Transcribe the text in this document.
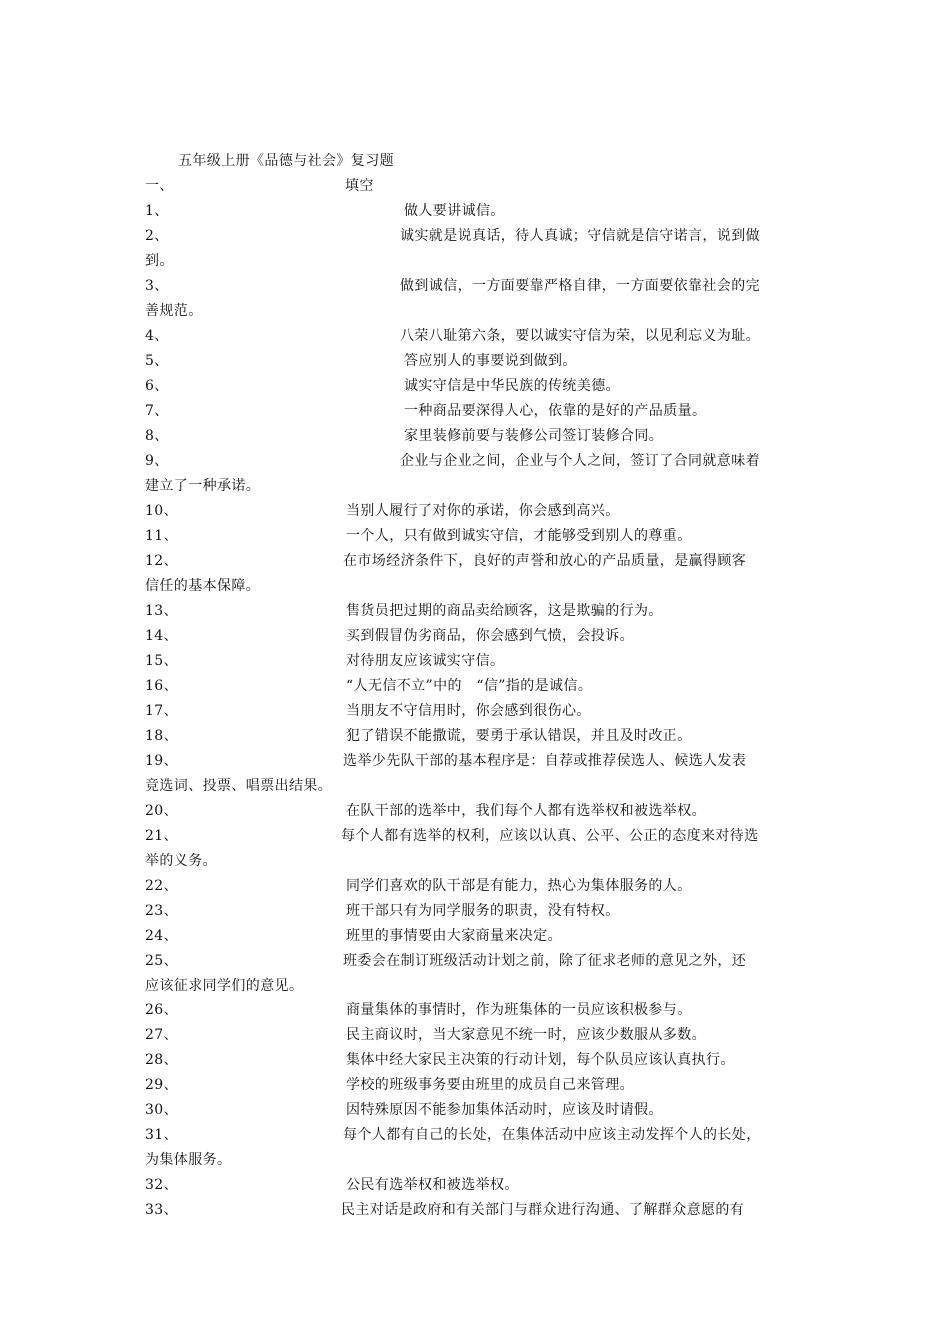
五年级上册《品德与社会》复习题
一、	填空
1、	做人要讲诚信。
2、	诚实就是说真话，待人真诚；守信就是信守诺言，说到做
到。
3、	做到诚信，一方面要靠严格自律，一方面要依靠社会的完
善规范。
4、	八荣八耻第六条，要以诚实守信为荣，以见利忘义为耻。
5、	答应别人的事要说到做到。
6、	诚实守信是中华民族的传统美德。
7、	一种商品要深得人心，依靠的是好的产品质量。
8、	家里装修前要与装修公司签订装修合同。
9、	企业与企业之间，企业与个人之间，签订了合同就意味着
建立了一种承诺。
10、	当别人履行了对你的承诺，你会感到高兴。
11、	一个人，只有做到诚实守信，才能够受到别人的尊重。
12、	在市场经济条件下，良好的声誉和放心的产品质量，是赢得顾客
信任的基本保障。
13、	售货员把过期的商品卖给顾客，这是欺骗的行为。
14、	买到假冒伪劣商品，你会感到气愤，会投诉。
15、	对待朋友应该诚实守信。
16、	“人无信不立”中的　“信”指的是诚信。
17、	当朋友不守信用时，你会感到很伤心。
18、	犯了错误不能撒谎，要勇于承认错误，并且及时改正。
19、	选举少先队干部的基本程序是：自荐或推荐侯选人、候选人发表
竞选词、投票、唱票出结果。
20、	在队干部的选举中，我们每个人都有选举权和被选举权。
21、	每个人都有选举的权利，应该以认真、公平、公正的态度来对待选
举的义务。
22、	同学们喜欢的队干部是有能力，热心为集体服务的人。
23、	班干部只有为同学服务的职责，没有特权。
24、	班里的事情要由大家商量来决定。
25、	班委会在制订班级活动计划之前，除了征求老师的意见之外，还
应该征求同学们的意见。
26、	商量集体的事情时，作为班集体的一员应该积极参与。
27、	民主商议时，当大家意见不统一时，应该少数服从多数。
28、	集体中经大家民主决策的行动计划，每个队员应该认真执行。
29、	学校的班级事务要由班里的成员自己来管理。
30、	因特殊原因不能参加集体活动时，应该及时请假。
31、	每个人都有自己的长处，在集体活动中应该主动发挥个人的长处，
为集体服务。
32、	公民有选举权和被选举权。
33、	民主对话是政府和有关部门与群众进行沟通、了解群众意愿的有
